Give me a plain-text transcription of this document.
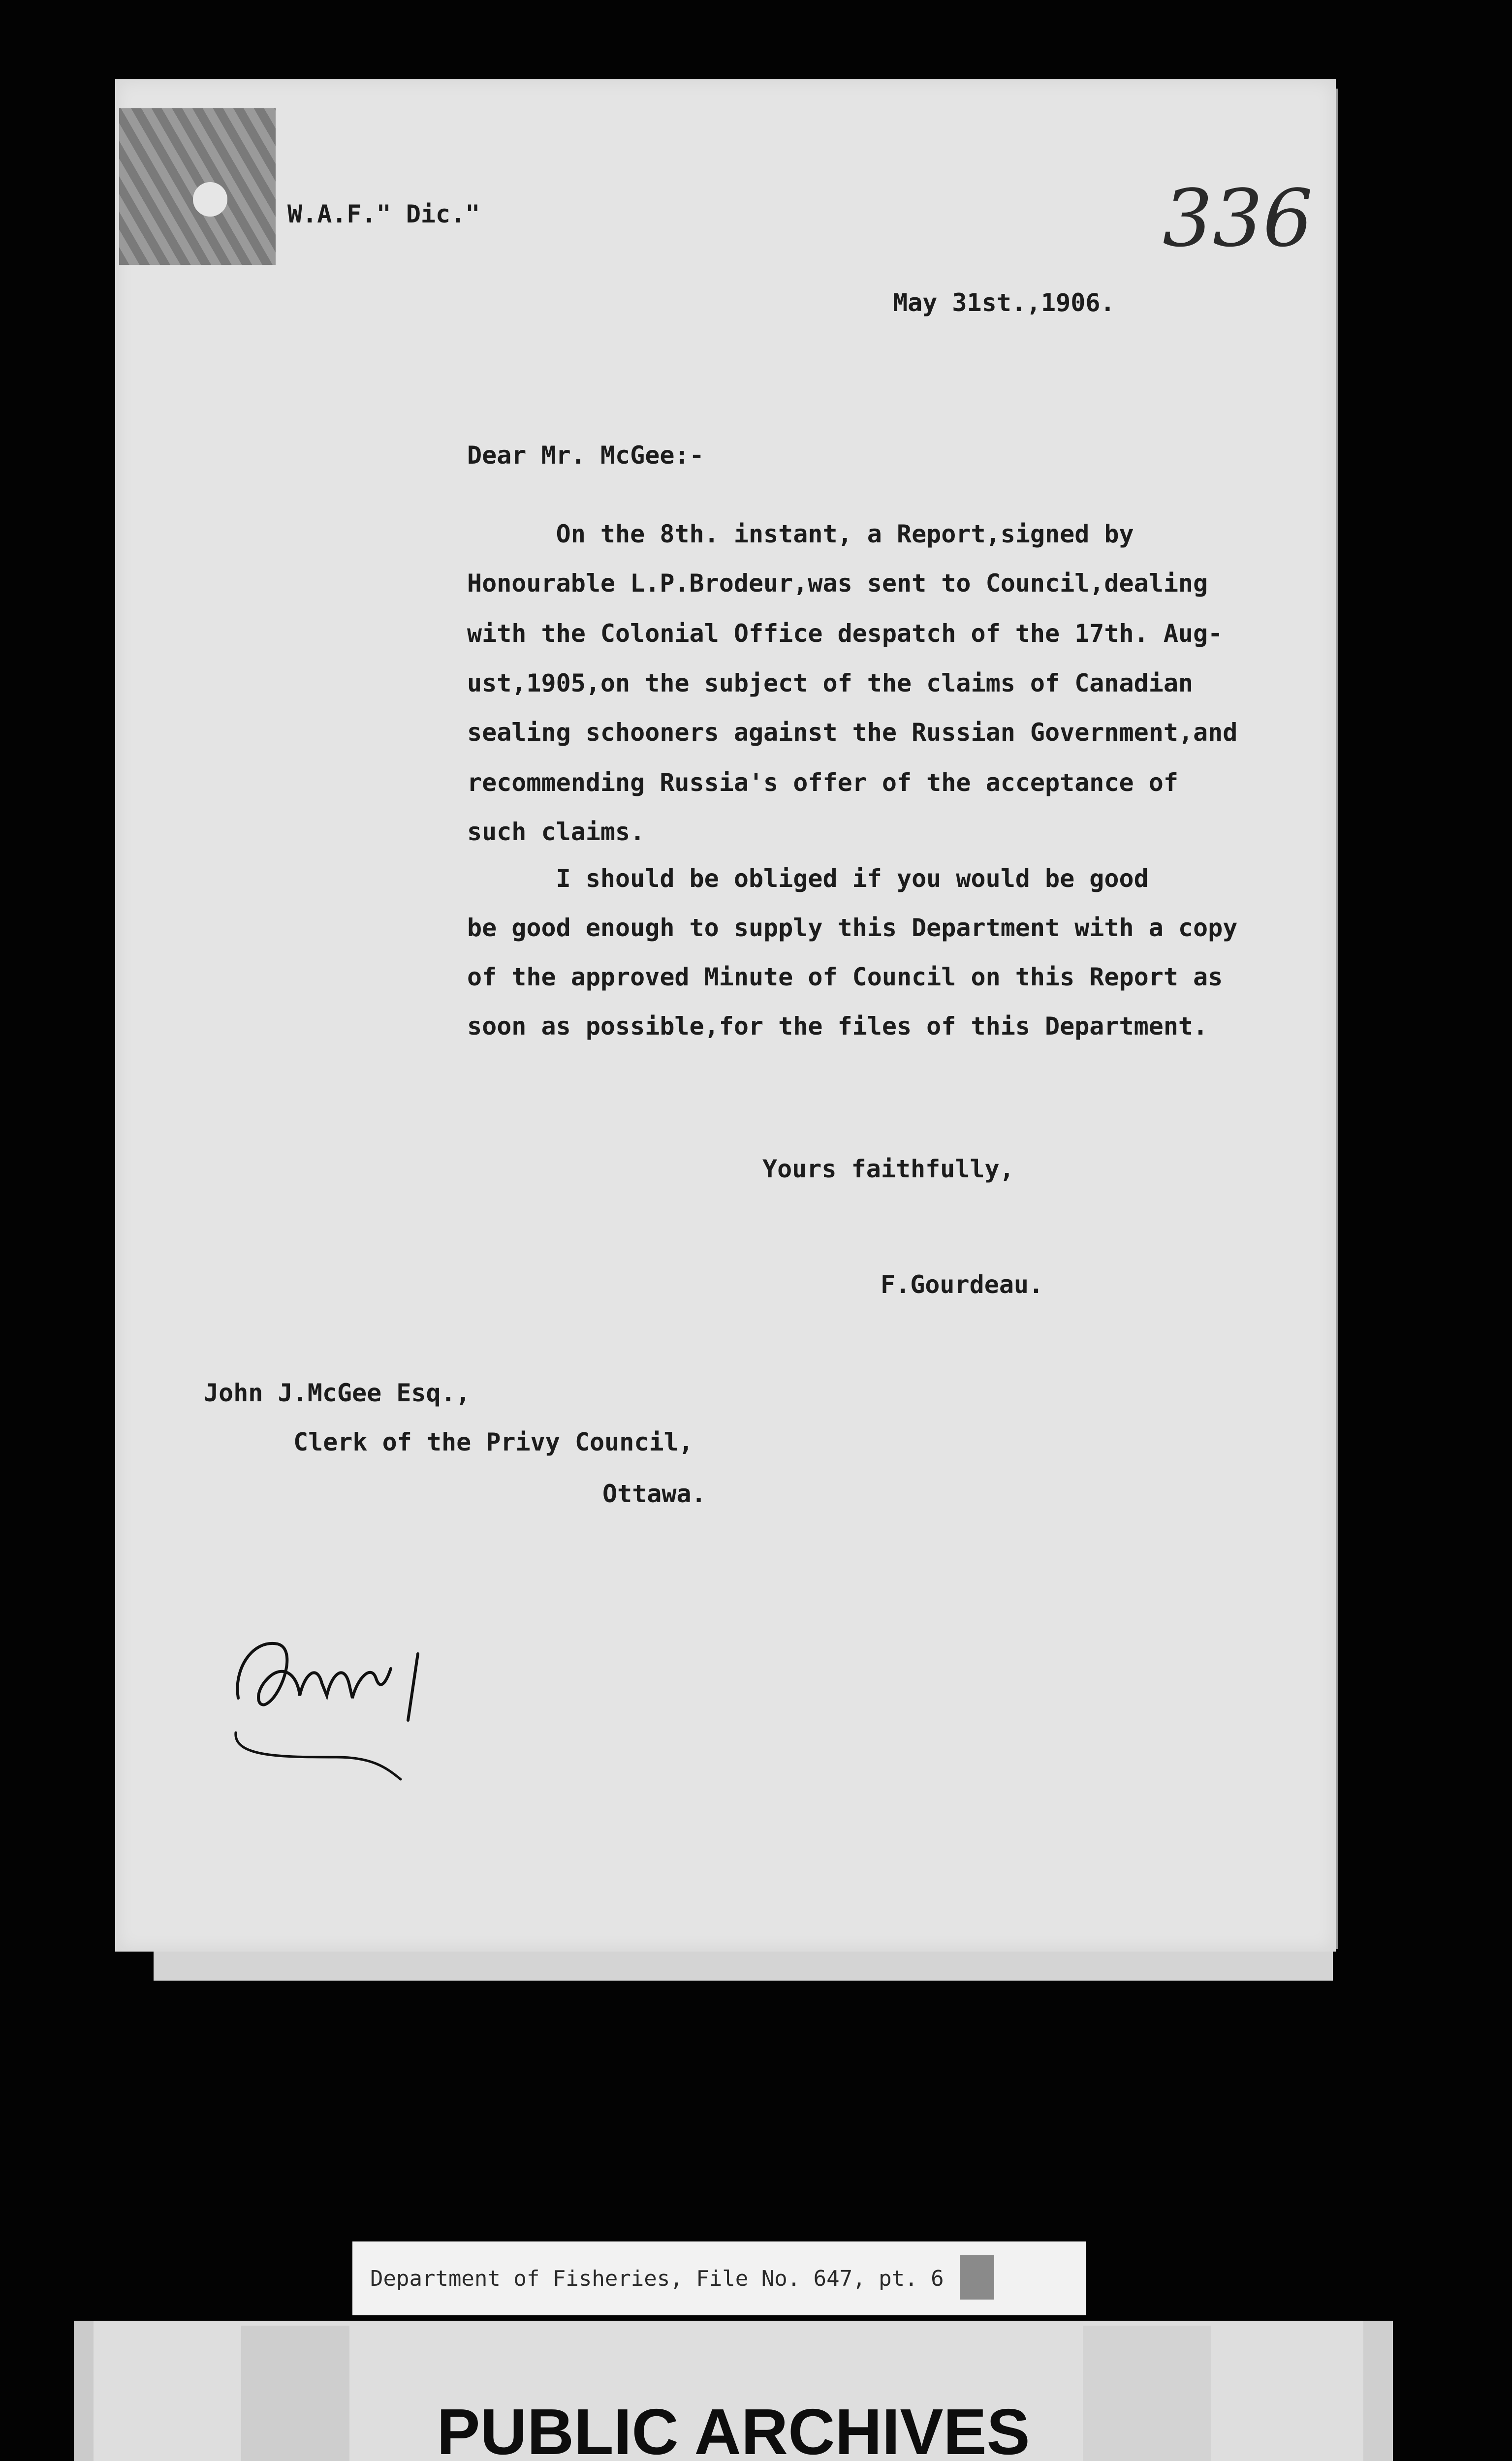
W.A.F." Dic."	336
May 31st.,1906.
Dear Mr. McGee:-
On the 8th. instant, a Report,signed by
Honourable L.P.Brodeur,was sent to Council,dealing
with the Colonial Office despatch of the 17th. Aug-
ust,1905,on the subject of the claims of Canadian
sealing schooners against the Russian Government,and
recommending Russia's offer of the acceptance of
such claims.
I should be obliged if you would be good
be good enough to supply this Department with a copy
of the approved Minute of Council on this Report as
soon as possible,for the files of this Department.
Yours faithfully,
F.Gourdeau.
John J.McGee Esq.,
Clerk of the Privy Council,
Ottawa.
Department of Fisheries, File No. 647, pt. 6
PUBLIC ARCHIVES
